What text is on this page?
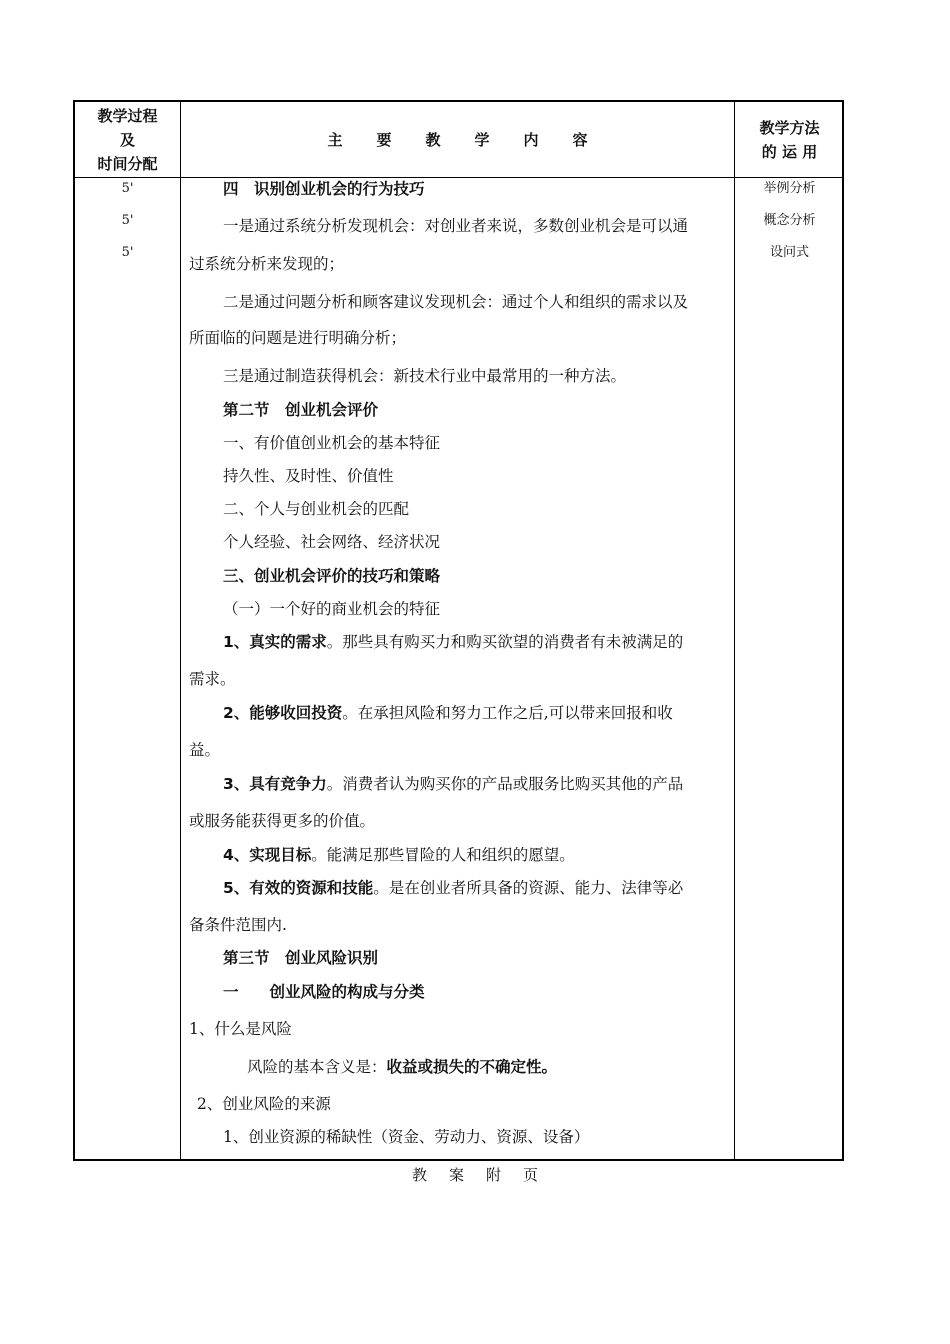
教学过程
及
时间分配
主要教学内容
教学方法
的 运 用
5'
5'
5'
举例分析
概念分析
设问式
四　识别创业机会的行为技巧
一是通过系统分析发现机会：对创业者来说，多数创业机会是可以通
过系统分析来发现的；
二是通过问题分析和顾客建议发现机会：通过个人和组织的需求以及
所面临的问题是进行明确分析；
三是通过制造获得机会：新技术行业中最常用的一种方法。
第二节　创业机会评价
一、有价值创业机会的基本特征
持久性、及时性、价值性
二、个人与创业机会的匹配
个人经验、社会网络、经济状况
三、创业机会评价的技巧和策略
（一）一个好的商业机会的特征
1、真实的需求。那些具有购买力和购买欲望的消费者有未被满足的
需求。
2、能够收回投资。在承担风险和努力工作之后,可以带来回报和收
益。
3、具有竞争力。消费者认为购买你的产品或服务比购买其他的产品
或服务能获得更多的价值。
4、实现目标。能满足那些冒险的人和组织的愿望。
5、有效的资源和技能。是在创业者所具备的资源、能力、法律等必
备条件范围内.
第三节　创业风险识别
一　　创业风险的构成与分类
1、什么是风险
风险的基本含义是：收益或损失的不确定性。
2、创业风险的来源
1、创业资源的稀缺性（资金、劳动力、资源、设备）
教案附页
